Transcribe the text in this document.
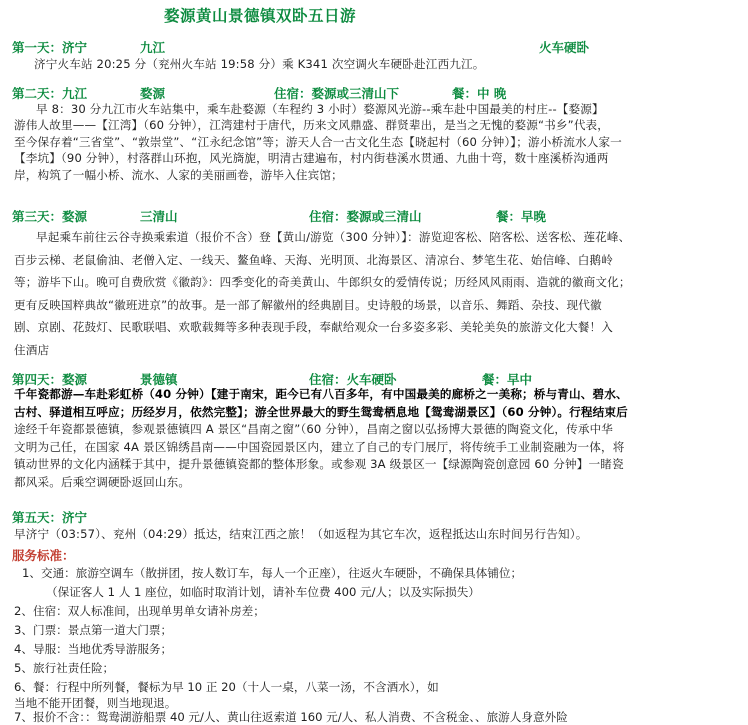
婺源黄山景德镇双卧五日游
第一天：济宁	九江	火车硬卧
济宁火车站 20:25 分（兖州火车站 19:58 分）乘 K341 次空调火车硬卧赴江西九江。
第二天：九江	婺源	住宿：婺源或三清山下	餐：中 晚
早 8：30 分九江市火车站集中，乘车赴婺源（车程约 3 小时）婺源风光游--乘车赴中国最美的村庄--【婺源】
游伟人故里——【江湾】（60 分钟），江湾建村于唐代，历来文风鼎盛、群贤辈出，是当之无愧的婺源“书乡”代表，
至今保存着“三省堂”、“敦崇堂”、“江永纪念馆”等；游天人合一古文化生态【晓起村（60 分钟）】；游小桥流水人家一
【李坑】（90 分钟），村落群山环抱，风光旖旎，明清古建遍布，村内街巷溪水贯通、九曲十弯，数十座溪桥沟通两
岸，构筑了一幅小桥、流水、人家的美丽画卷，游毕入住宾馆；
第三天：婺源	三清山	住宿：婺源或三清山	餐：早晚
早起乘车前往云谷寺换乘索道（报价不含）登【黄山/游览（300 分钟）】：游览迎客松、陪客松、送客松、莲花峰、
百步云梯、老鼠偷油、老僧入定、一线天、鳌鱼峰、天海、光明顶、北海景区、清凉台、梦笔生花、始信峰、白鹅岭
等；游毕下山。晚可自费欣赏《徽韵》：四季变化的奇美黄山、牛郎织女的爱情传说；历经风风雨雨、造就的徽商文化；
更有反映国粹典故“徽班进京”的故事。是一部了解徽州的经典剧目。史诗般的场景，以音乐、舞蹈、杂技、现代徽
剧、京剧、花鼓灯、民歌联唱、欢歌载舞等多种表现手段，奉献给观众一台多姿多彩、美轮美奂的旅游文化大餐！入
住酒店
第四天：婺源	景德镇	住宿：火车硬卧	餐：早中
千年瓷都游—车赴彩虹桥（40 分钟）【建于南宋，距今已有八百多年，有中国最美的廊桥之一美称；桥与青山、碧水、
古村、驿道相互呼应；历经岁月，依然完整】；游全世界最大的野生鸳鸯栖息地【鸳鸯湖景区】（60 分钟）。行程结束后
途经千年瓷都景德镇，参观景德镇四 A 景区“昌南之窗”（60 分钟），昌南之窗以弘扬博大景德的陶瓷文化，传承中华
文明为己任，在国家 4A 景区锦绣昌南——中国瓷园景区内，建立了自己的专门展厅，将传统手工业制瓷融为一体，将
镇动世界的文化内涵糅于其中，提升景德镇瓷都的整体形象。或参观 3A 级景区一【绿源陶瓷创意园 60 分钟】一睹瓷
都风采。后乘空调硬卧返回山东。
第五天：济宁
早济宁（03:57）、兖州（04:29）抵达，结束江西之旅！（如返程为其它车次，返程抵达山东时间另行告知）。
服务标准：
1、交通：旅游空调车（散拼团，按人数订车，每人一个正座），往返火车硬卧，不确保具体铺位；
（保证客人 1 人 1 座位，如临时取消计划，请补车位费 400 元/人；以及实际损失）
2、住宿：双人标准间，出现单男单女请补房差；
3、门票：景点第一道大门票；
4、导服：当地优秀导游服务；
5、旅行社责任险；
6、餐：行程中所列餐，餐标为早 10 正 20（十人一桌，八菜一汤，不含酒水），如
当地不能开团餐，则当地现退。
7、报价不含：：鸳鸯湖游船票 40 元/人、黄山往返索道 160 元/人、私人消费、不含税金、、旅游人身意外险
